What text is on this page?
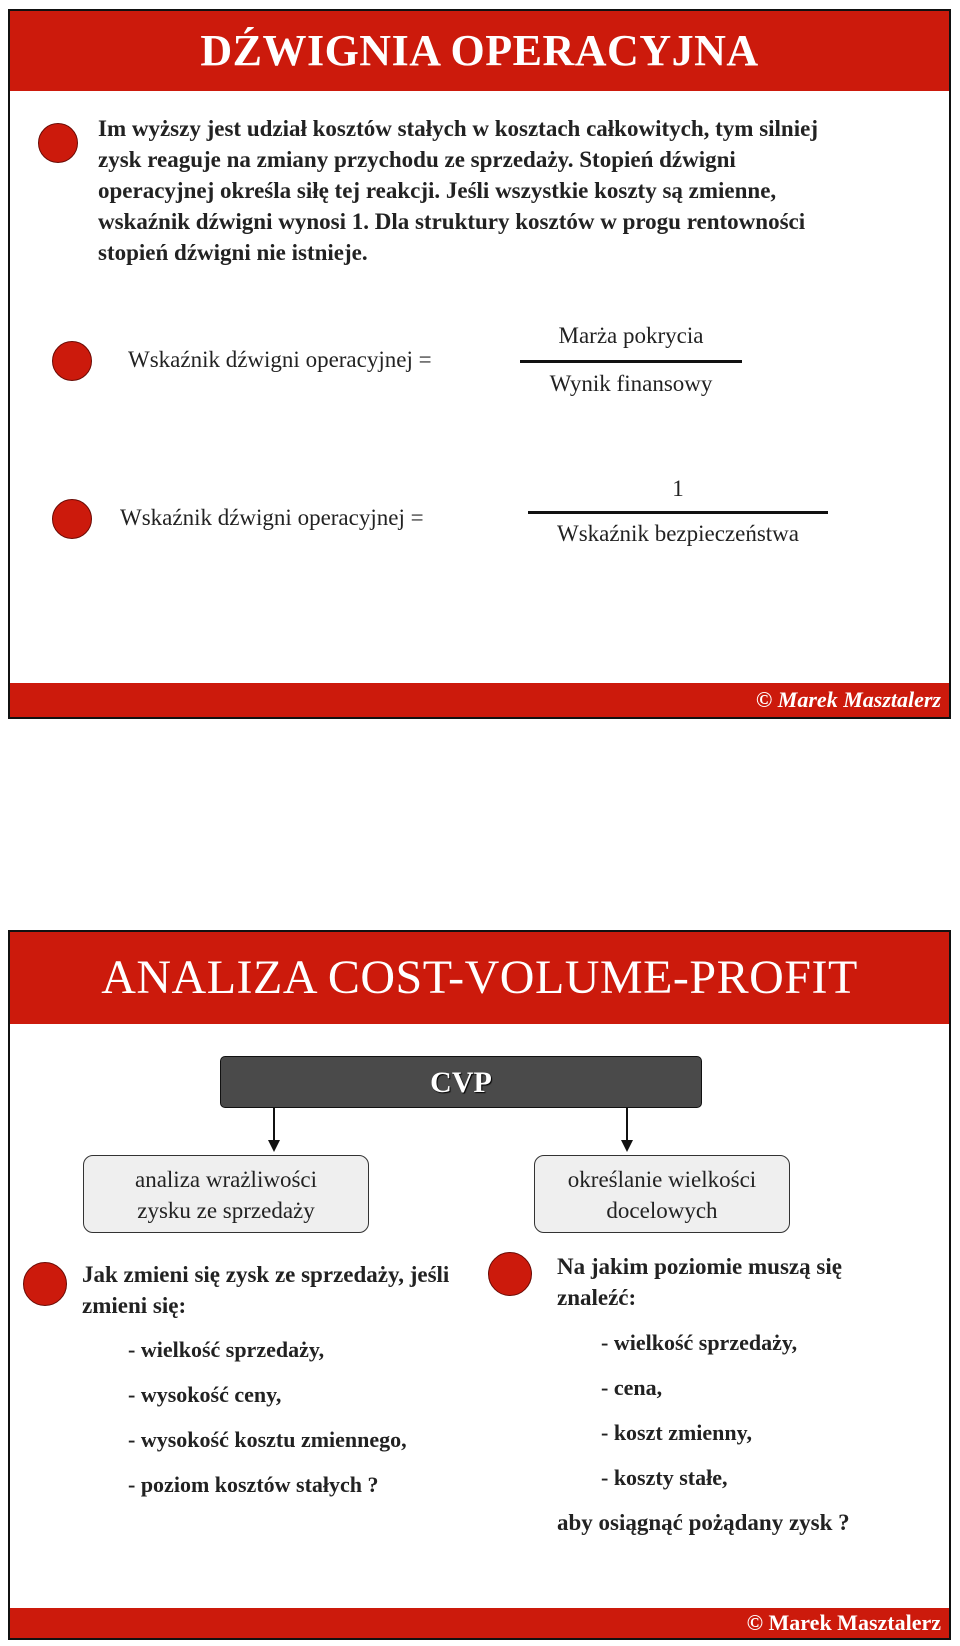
DŹWIGNIA OPERACYJNA
Im wyższy jest udział kosztów stałych w kosztach całkowitych, tym silniej zysk reaguje na zmiany przychodu ze sprzedaży. Stopień dźwigni operacyjnej określa siłę tej reakcji. Jeśli wszystkie koszty są zmienne, wskaźnik dźwigni wynosi 1. Dla struktury kosztów w progu rentowności stopień dźwigni nie istnieje.
Wskaźnik dźwigni operacyjnej =
Marża pokrycia
Wynik finansowy
Wskaźnik dźwigni operacyjnej =
1
Wskaźnik bezpieczeństwa
© Marek Masztalerz
ANALIZA COST-VOLUME-PROFIT
CVP
analiza wrażliwości zysku ze sprzedaży
określanie wielkości docelowych
Jak zmieni się zysk ze sprzedaży, jeśli zmieni się:
- wielkość sprzedaży,
- wysokość ceny,
- wysokość kosztu zmiennego,
- poziom kosztów stałych ?
Na jakim poziomie muszą się znaleźć:
- wielkość sprzedaży,
- cena,
- koszt zmienny,
- koszty stałe,
aby osiągnąć pożądany zysk ?
© Marek Masztalerz
